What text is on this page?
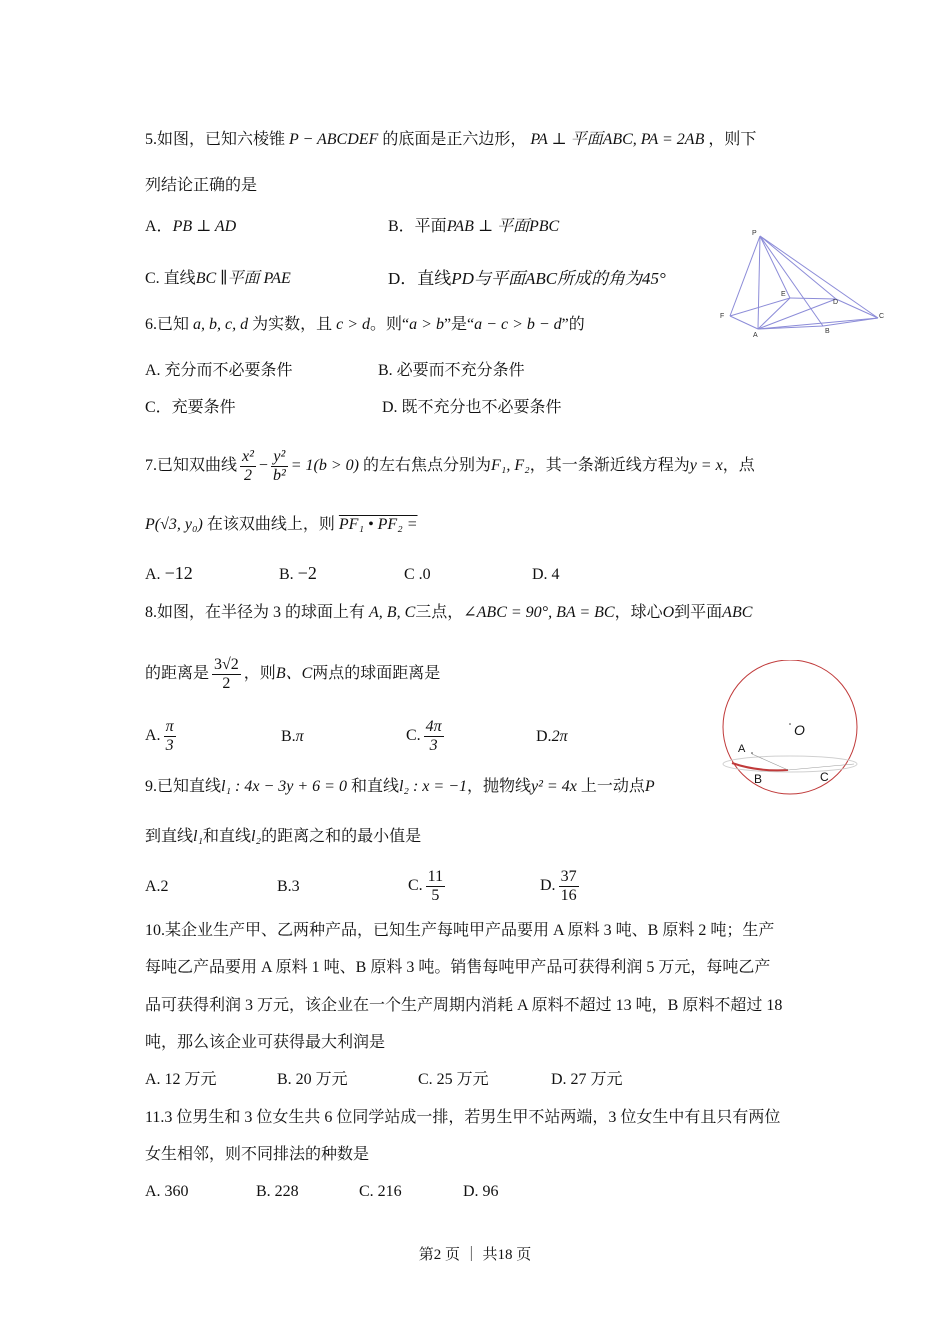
5.如图，已知六棱锥 P − ABCDEF 的底面是正六边形， PA ⊥ 平面ABC, PA = 2AB ，则下
列结论正确的是
A．PB ⊥ AD	B．平面PAB ⊥ 平面PBC
C. 直线BC ∥平面 PAE	D．直线PD与平面ABC所成的角为45°
P
E
D
F
A
B
C
6.已知 a, b, c, d 为实数，且 c > d。则“a > b”是“a − c > b − d”的
A. 充分而不必要条件	B. 必要而不充分条件
C．充要条件	D. 既不充分也不必要条件
7.已知双曲线 $\frac{\text{x²}}{2} - \frac{\text{y²}}{\text{b²}} = 1(b > 0)$ 的左右焦点分别为F₁, F₂，其一条渐近线方程为y = x，点
P(√3, y₀) 在该双曲线上，则 PF₁ • PF₂ =
A. −12	B. −2	C .0	D. 4
8.如图，在半径为 3 的球面上有 A, B, C三点，∠ABC = 90°, BA = BC，球心O到平面ABC
的距离是 $\frac{3√2}{2}$ ，则B、C两点的球面距离是
A. $\frac{\pi}{3}$	B.π	C. $\frac{4\pi}{3}$	D.2π	O
A
B	C
9.已知直线l₁ : 4x − 3y + 6 = 0 和直线l₂ : x = −1，抛物线y² = 4x 上一动点P
到直线l₁和直线l₂的距离之和的最小值是
A.2	B.3	C. $\frac{11}{5}$	D. $\frac{37}{16}$
10.某企业生产甲、乙两种产品，已知生产每吨甲产品要用 A 原料 3 吨、B 原料 2 吨；生产
每吨乙产品要用 A 原料 1 吨、B 原料 3 吨。销售每吨甲产品可获得利润 5 万元，每吨乙产
品可获得利润 3 万元，该企业在一个生产周期内消耗 A 原料不超过 13 吨，B 原料不超过 18
吨，那么该企业可获得最大利润是
A. 12 万元	B. 20 万元	C. 25 万元	D. 27 万元
11.3 位男生和 3 位女生共 6 位同学站成一排，若男生甲不站两端，3 位女生中有且只有两位
女生相邻，则不同排法的种数是
A. 360	B. 228	C. 216	D. 96
第2 页 ｜ 共18 页
